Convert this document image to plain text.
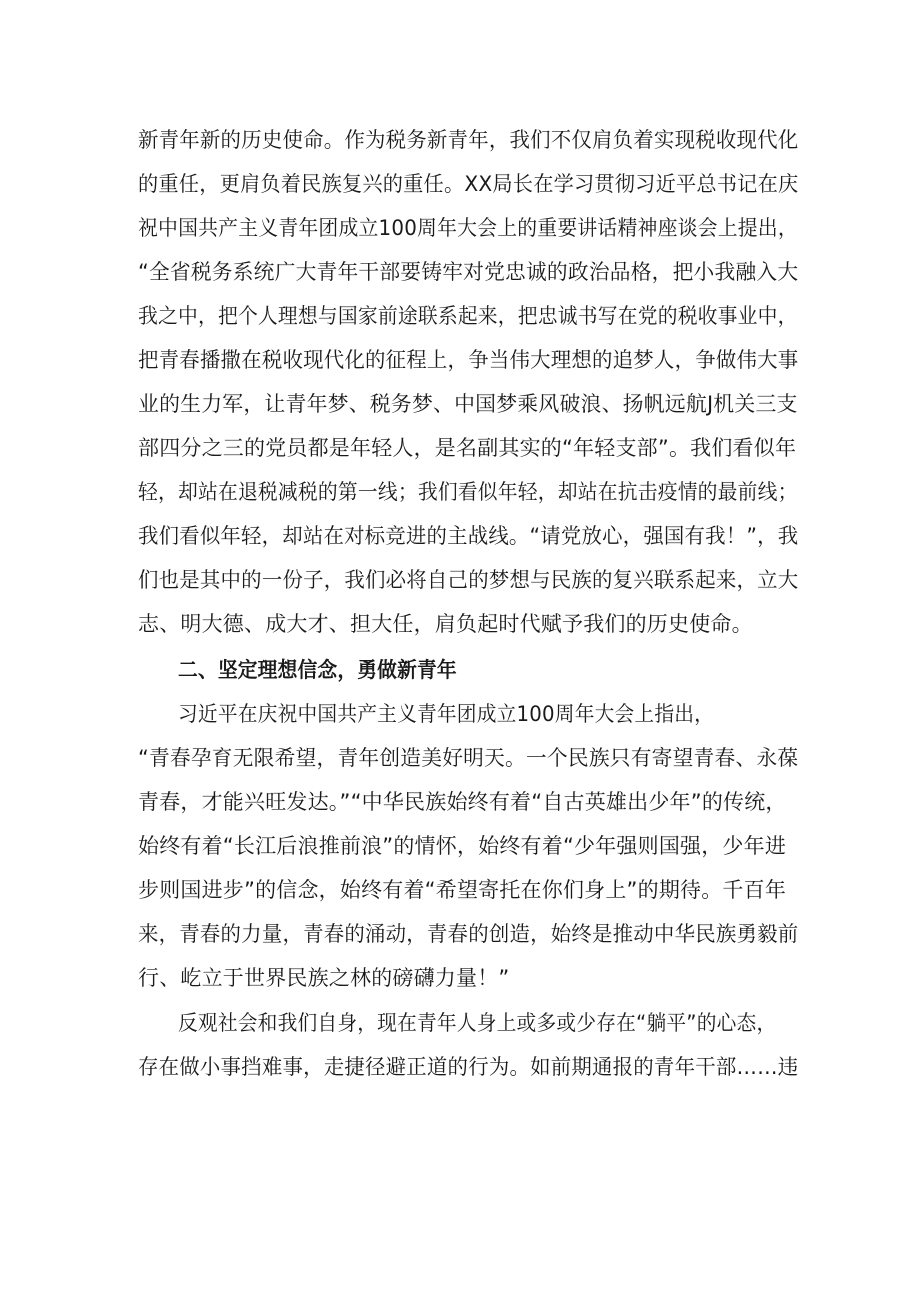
新青年新的历史使命。作为税务新青年，我们不仅肩负着实现税收现代化
的重任，更肩负着民族复兴的重任。XX局长在学习贯彻习近平总书记在庆
祝中国共产主义青年团成立100周年大会上的重要讲话精神座谈会上提出，
“全省税务系统广大青年干部要铸牢对党忠诚的政治品格，把小我融入大
我之中，把个人理想与国家前途联系起来，把忠诚书写在党的税收事业中，
把青春播撒在税收现代化的征程上，争当伟大理想的追梦人，争做伟大事
业的生力军，让青年梦、税务梦、中国梦乘风破浪、扬帆远航J机关三支
部四分之三的党员都是年轻人，是名副其实的“年轻支部”。我们看似年
轻，却站在退税减税的第一线；我们看似年轻，却站在抗击疫情的最前线；
我们看似年轻，却站在对标竞进的主战线。“请党放心，强国有我！”，我
们也是其中的一份子，我们必将自己的梦想与民族的复兴联系起来，立大
志、明大德、成大才、担大任，肩负起时代赋予我们的历史使命。
二、坚定理想信念，勇做新青年
习近平在庆祝中国共产主义青年团成立100周年大会上指出，
“青春孕育无限希望，青年创造美好明天。一个民族只有寄望青春、永葆
青春，才能兴旺发达。”“中华民族始终有着“自古英雄出少年”的传统，
始终有着“长江后浪推前浪”的情怀，始终有着“少年强则国强，少年进
步则国进步”的信念，始终有着“希望寄托在你们身上”的期待。千百年
来，青春的力量，青春的涌动，青春的创造，始终是推动中华民族勇毅前
行、屹立于世界民族之林的磅礴力量！”
反观社会和我们自身，现在青年人身上或多或少存在“躺平”的心态，
存在做小事挡难事，走捷径避正道的行为。如前期通报的青年干部……违
